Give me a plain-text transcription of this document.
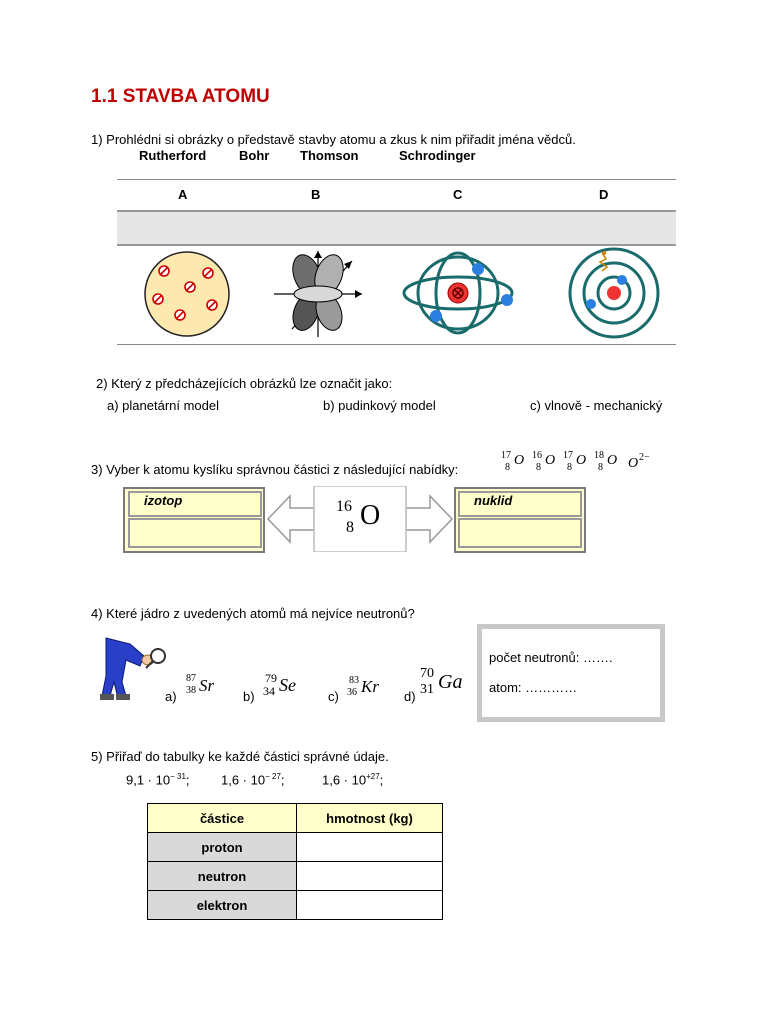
1.1 STAVBA ATOMU
1) Prohlédni si obrázky o představě stavby atomu a zkus k nim přiřadit jména vědců.
Rutherford	Bohr Thomson	Schrodinger
A	B	C	D
2) Který z předcházejících obrázků lze označit jako:
a) planetární model	b) pudinkový model	c) vlnově - mechanický
3) Vyber k atomu kyslíku správnou částici z následující nabídky:
17
8 O 16
8 O 17
8 O 18
8 O O 2−
izotop	16
8 O	nuklid
4) Které jádro z uvedených atomů má nejvíce neutronů?
a)
87
38 Sr
b)
79
34 Se
c)
83
36 Kr
d)
70
31 Ga
počet neutronů: …….
atom: …………
5) Přiřaď do tabulky ke každé částici správné údaje.
$9,1 \cdot 10^{- 31}$; $1,6 \cdot 10^{- 27}$;	$1,6 \cdot 10^{+27}$;
částice	hmotnost (kg)
proton	
neutron	
elektron	
